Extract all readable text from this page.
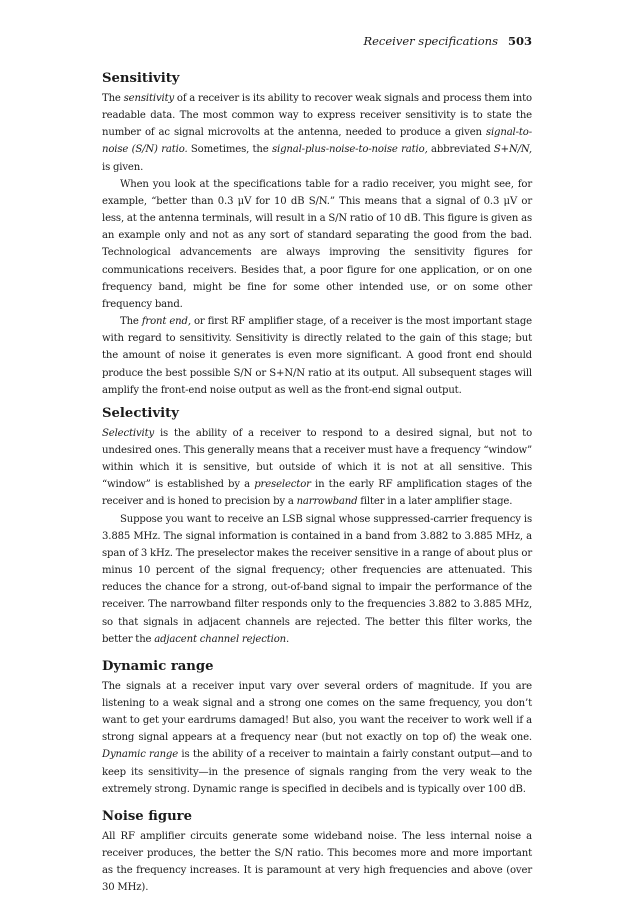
Receiver specifications 503
Sensitivity

The sensitivity of a receiver is its ability to recover weak signals and process them into readable data. The most common way to express receiver sensitivity is to state the number of ac signal microvolts at the antenna, needed to produce a given signal-to-noise (S/N) ratio. Sometimes, the signal-plus-noise-to-noise ratio, abbreviated S+N/N, is given.

When you look at the specifications table for a radio receiver, you might see, for example, “better than 0.3 μV for 10 dB S/N.” This means that a signal of 0.3 μV or less, at the antenna terminals, will result in a S/N ratio of 10 dB. This figure is given as an example only and not as any sort of standard separating the good from the bad. Technological advancements are always improving the sensitivity figures for communications receivers. Besides that, a poor figure for one application, or on one frequency band, might be fine for some other intended use, or on some other frequency band.

The front end, or first RF amplifier stage, of a receiver is the most important stage with regard to sensitivity. Sensitivity is directly related to the gain of this stage; but the amount of noise it generates is even more significant. A good front end should produce the best possible S/N or S+N/N ratio at its output. All subsequent stages will amplify the front-end noise output as well as the front-end signal output.

Selectivity

Selectivity is the ability of a receiver to respond to a desired signal, but not to undesired ones. This generally means that a receiver must have a frequency “window” within which it is sensitive, but outside of which it is not at all sensitive. This “window” is established by a preselector in the early RF amplification stages of the receiver and is honed to precision by a narrowband filter in a later amplifier stage.

Suppose you want to receive an LSB signal whose suppressed-carrier frequency is 3.885 MHz. The signal information is contained in a band from 3.882 to 3.885 MHz, a span of 3 kHz. The preselector makes the receiver sensitive in a range of about plus or minus 10 percent of the signal frequency; other frequencies are attenuated. This reduces the chance for a strong, out-of-band signal to impair the performance of the receiver. The narrowband filter responds only to the frequencies 3.882 to 3.885 MHz, so that signals in adjacent channels are rejected. The better this filter works, the better the adjacent channel rejection.

Dynamic range

The signals at a receiver input vary over several orders of magnitude. If you are listening to a weak signal and a strong one comes on the same frequency, you don’t want to get your eardrums damaged! But also, you want the receiver to work well if a strong signal appears at a frequency near (but not exactly on top of) the weak one. Dynamic range is the ability of a receiver to maintain a fairly constant output—and to keep its sensitivity—in the presence of signals ranging from the very weak to the extremely strong. Dynamic range is specified in decibels and is typically over 100 dB.

Noise figure

All RF amplifier circuits generate some wideband noise. The less internal noise a receiver produces, the better the S/N ratio. This becomes more and more important as the frequency increases. It is paramount at very high frequencies and above (over 30 MHz).
